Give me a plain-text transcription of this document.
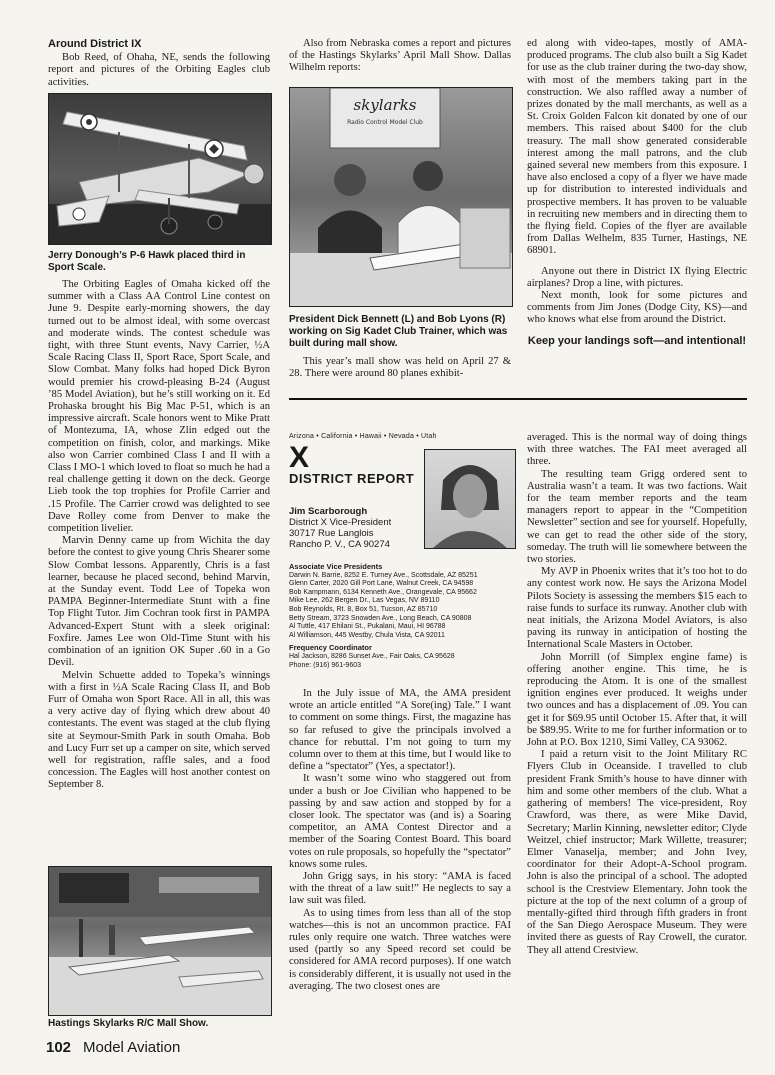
Around District IX

Bob Reed, of Ohaha, NE, sends the following report and pictures of the Orbiting Eagles club activities.

Jerry Donough’s P-6 Hawk placed third in Sport Scale.

The Orbiting Eagles of Omaha kicked off the summer with a Class AA Control Line contest on June 9. Despite early-morning showers, the day turned out to be almost ideal, with some overcast and moderate winds. The contest schedule was tight, with three Stunt events, Navy Carrier, ½A Scale Racing Class II, Sport Race, Sport Scale, and Slow Combat. Many folks had hoped Dick Byron would premier his crowd-pleasing B-24 (August ’85 Model Aviation), but he’s still working on it. Ed Prohaska brought his Big Mac P-51, which is an impressive aircraft. Scale honors went to Mike Pratt of Montezuma, IA, whose Zlin edged out the competition on finish, color, and markings. Mike also won Carrier combined Class I and II with a Class I MO-1 which loved to float so much he had a real challenge getting it down on the deck. George Lieb took the top trophies for Profile Carrier and .15 Profile. The Carrier crowd was delighted to see Dave Rolley come from Denver to make the competition livelier.

Marvin Denny came up from Wichita the day before the contest to give young Chris Shearer some Slow Combat lessons. Apparently, Chris is a fast learner, because he placed second, behind Marvin, at the Sunday event. Todd Lee of Topeka won PAMPA Beginner-Intermediate Stunt with a fine Top Flight Tutor. Jim Cochran took first in PAMPA Advanced-Expert Stunt with a sleek original: Foxfire. James Lee won Old-Time Stunt with his combination of an ignition OK Super .60 in a Go Devil.

Melvin Schuette added to Topeka’s winnings with a first in ½A Scale Racing Class II, and Bob Furr of Omaha won Sport Race. All in all, this was a very active day of flying which drew about 40 contestants. The event was staged at the club flying site at Seymour-Smith Park in south Omaha. Bob and Lucy Furr set up a camper on site, which served well for registration, raffle sales, and a food concession. The Eagles will host another contest on September 8.

Hastings Skylarks R/C Mall Show.

Also from Nebraska comes a report and pictures of the Hastings Skylarks’ April Mall Show. Dallas Wilhelm reports:

skylarks
Radio Control Model Club
President Dick Bennett (L) and Bob Lyons (R) working on Sig Kadet Club Trainer, which was built during mall show.

This year’s mall show was held on April 27 & 28. There were around 80 planes exhibit-

ed along with video-tapes, mostly of AMA-produced programs. The club also built a Sig Kadet for use as the club trainer during the two-day show, with most of the members taking part in the construction. We also raffled away a number of prizes donated by the mall merchants, as well as a St. Croix Golden Falcon kit donated by one of our members. This raised about $400 for the club treasury. The mall show generated considerable interest among the mall patrons, and the club gained several new members from this exposure. I have also enclosed a copy of a flyer we have made up for distribution to interested individuals and prospective members. It has proven to be valuable in recruiting new members and in directing them to the flying field. Copies of the flyer are available from Dallas Welhelm, 835 Turner, Hastings, NE 68901.

Anyone out there in District IX flying Electric airplanes? Drop a line, with pictures.

Next month, look for some pictures and comments from Jim Jones (Dodge City, KS)—and who knows what else from around the District.

Keep your landings soft—and intentional!
Arizona • California • Hawaii • Nevada • Utah
X
DISTRICT REPORT
Jim Scarborough
District X Vice-President
30717 Rue Langlois
Rancho P. V., CA 90274
Associate Vice Presidents
Darwin N. Barrie, 8252 E. Turney Ave., Scottsdale, AZ 85251
Glenn Carter, 2020 Gill Port Lane, Walnut Creek, CA 94598
Bob Kampmann, 6134 Kenneth Ave., Orangevale, CA 95662
Mike Lee, 262 Bergen Dr., Las Vegas, NV 89110
Bob Reynolds, Rt. 8, Box 51, Tucson, AZ 85710
Betty Stream, 3723 Snowden Ave., Long Beach, CA 90808
Al Tuttle, 417 Ehilani St., Pukalani, Maui, HI 96788
Al Williamson, 445 Westby, Chula Vista, CA 92011
Frequency Coordinator
Hal Jackson, 8286 Sunset Ave., Fair Oaks, CA 95628
Phone: (916) 961-9603

In the July issue of MA, the AMA president wrote an article entitled “A Sore(ing) Tale.” I want to comment on some things. First, the magazine has so far refused to give the principals involved a chance for rebuttal. I’m not going to turn my column over to them at this time, but I would like to define a “spectator” (Yes, a spectator!).

It wasn’t some wino who staggered out from under a bush or Joe Civilian who happened to be passing by and saw action and stopped by for a closer look. The spectator was (and is) a Soaring competitor, an AMA Contest Director and a member of the Soaring Contest Board. This board votes on rule proposals, so hopefully the “spectator” knows some rules.

John Grigg says, in his story: “AMA is faced with the threat of a law suit!” He neglects to say a law suit was filed.

As to using times from less than all of the stop watches—this is not an uncommon practice. FAI rules only require one watch. Three watches were used (partly so any Speed record set could be considered for AMA record purposes). If one watch is considerably different, it is usually not used in the averaging. The two closest ones are

averaged. This is the normal way of doing things with three watches. The FAI meet averaged all three.

The resulting team Grigg ordered sent to Australia wasn’t a team. It was two factions. Wait for the team member reports and the team managers report to appear in the “Competition Newsletter” section and see for yourself. Hopefully, we can get to read the other side of the story, someday. The truth will lie somewhere between the two stories.

My AVP in Phoenix writes that it’s too hot to do any contest work now. He says the Arizona Model Pilots Society is assessing the members $15 each to raise funds to surface its runway. Another club with neat initials, the Arizona Model Aviators, is also paving its runway in anticipation of hosting the International Scale Masters in October.

John Morrill (of Simplex engine fame) is offering another engine. This time, he is reproducing the Atom. It is one of the smallest ignition engines ever produced. It weighs under two ounces and has a displacement of .09. You can get it for $69.95 until October 15. After that, it will be $89.95. Write to me for further information or to John at P.O. Box 1210, Simi Valley, CA 93062.

I paid a return visit to the Joint Military RC Flyers Club in Oceanside. I travelled to club president Frank Smith’s house to have dinner with him and some other members of the club. What a gathering of members! The vice-president, Roy Crawford, was there, as were Mike David, Secretary; Marlin Kinning, newsletter editor; Clyde Weitzel, chief instructor; Mark Willette, treasurer; Elmer Vanaselja, member; and John Ivey, coordinator for their Adopt-A-School program. John is also the principal of a school. The adopted school is the Crestview Elementary. John took the picture at the top of the next column of a group of mentally-gifted third through fifth graders in front of the San Diego Aerospace Museum. They were invited there as guests of Ray Crowell, the curator. They all attend Crestview.

102 Model Aviation
